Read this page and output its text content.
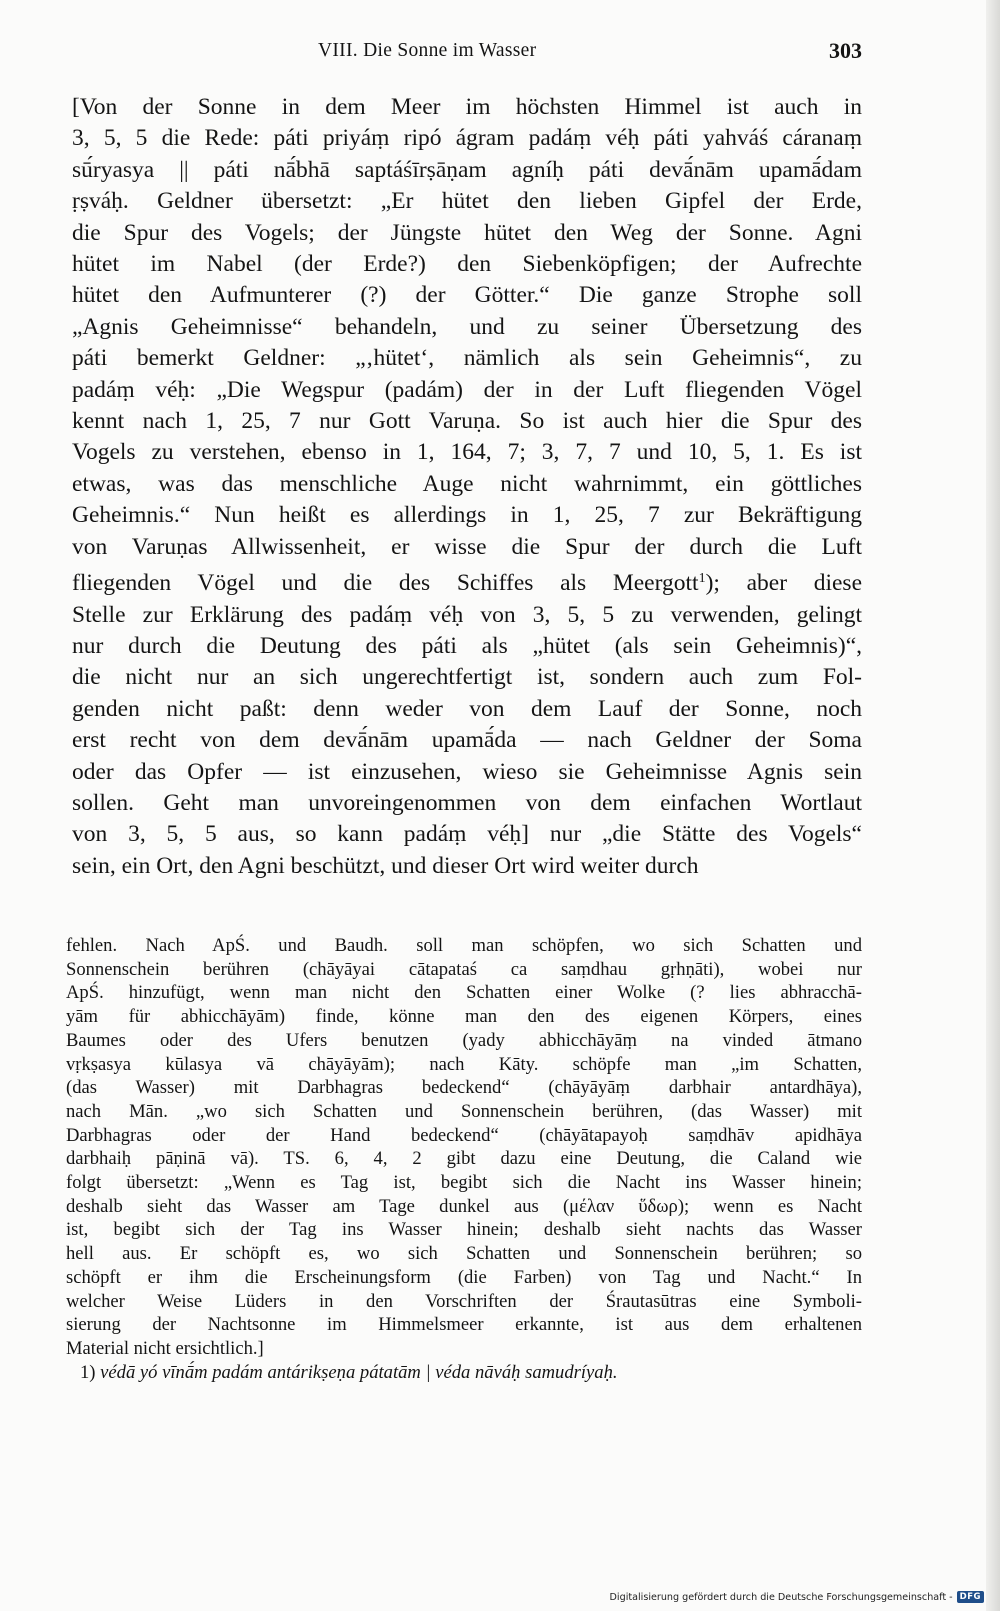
VIII. Die Sonne im Wasser	303
[Von der Sonne in dem Meer im höchsten Himmel ist auch in
3, 5, 5 die Rede: páti priyáṃ ripó ágram padáṃ véḥ páti yahváś cáranaṃ
sū́ryasya || páti nā́bhā saptáśīrṣāṇam agníḥ páti devā́nām upamā́dam
ṛṣváḥ. Geldner übersetzt: „Er hütet den lieben Gipfel der Erde,
die Spur des Vogels; der Jüngste hütet den Weg der Sonne. Agni
hütet im Nabel (der Erde?) den Siebenköpfigen; der Aufrechte
hütet den Aufmunterer (?) der Götter.“ Die ganze Strophe soll
„Agnis Geheimnisse“ behandeln, und zu seiner Übersetzung des
páti bemerkt Geldner: „‚hütet‘, nämlich als sein Geheimnis“, zu
padáṃ véḥ: „Die Wegspur (padám) der in der Luft fliegenden Vögel
kennt nach 1, 25, 7 nur Gott Varuṇa. So ist auch hier die Spur des
Vogels zu verstehen, ebenso in 1, 164, 7; 3, 7, 7 und 10, 5, 1. Es ist
etwas, was das menschliche Auge nicht wahrnimmt, ein göttliches
Geheimnis.“ Nun heißt es allerdings in 1, 25, 7 zur Bekräftigung
von Varuṇas Allwissenheit, er wisse die Spur der durch die Luft
fliegenden Vögel und die des Schiffes als Meergott$^1$); aber diese
Stelle zur Erklärung des padáṃ véḥ von 3, 5, 5 zu verwenden, gelingt
nur durch die Deutung des páti als „hütet (als sein Geheimnis)“,
die nicht nur an sich ungerechtfertigt ist, sondern auch zum Fol-
genden nicht paßt: denn weder von dem Lauf der Sonne, noch
erst recht von dem devā́nām upamā́da — nach Geldner der Soma
oder das Opfer — ist einzusehen, wieso sie Geheimnisse Agnis sein
sollen. Geht man unvoreingenommen von dem einfachen Wortlaut
von 3, 5, 5 aus, so kann padáṃ véḥ] nur „die Stätte des Vogels“
sein, ein Ort, den Agni beschützt, und dieser Ort wird weiter durch
fehlen. Nach ApŚ. und Baudh. soll man schöpfen, wo sich Schatten und
Sonnenschein berühren (chāyāyai cātapataś ca saṃdhau gṛhṇāti), wobei nur
ApŚ. hinzufügt, wenn man nicht den Schatten einer Wolke (? lies abhracchā-
yām für abhicchāyām) finde, könne man den des eigenen Körpers, eines
Baumes oder des Ufers benutzen (yady abhicchāyāṃ na vinded ātmano
vṛkṣasya kūlasya vā chāyāyām); nach Kāty. schöpfe man „im Schatten,
(das Wasser) mit Darbhagras bedeckend“ (chāyāyāṃ darbhair antardhāya),
nach Mān. „wo sich Schatten und Sonnenschein berühren, (das Wasser) mit
Darbhagras oder der Hand bedeckend“ (chāyātapayoḥ saṃdhāv apidhāya
darbhaiḥ pāṇinā vā). TS. 6, 4, 2 gibt dazu eine Deutung, die Caland wie
folgt übersetzt: „Wenn es Tag ist, begibt sich die Nacht ins Wasser hinein;
deshalb sieht das Wasser am Tage dunkel aus (μέλαν ὕδωρ); wenn es Nacht
ist, begibt sich der Tag ins Wasser hinein; deshalb sieht nachts das Wasser
hell aus. Er schöpft es, wo sich Schatten und Sonnenschein berühren; so
schöpft er ihm die Erscheinungsform (die Farben) von Tag und Nacht.“ In
welcher Weise Lüders in den Vorschriften der Śrautasūtras eine Symboli-
sierung der Nachtsonne im Himmelsmeer erkannte, ist aus dem erhaltenen
Material nicht ersichtlich.]
1) védā yó vīnā́m padám antárikṣeṇa pátatām | véda nāváḥ samudríyaḥ.
Digitalisierung gefördert durch die Deutsche Forschungsgemeinschaft - DFG
